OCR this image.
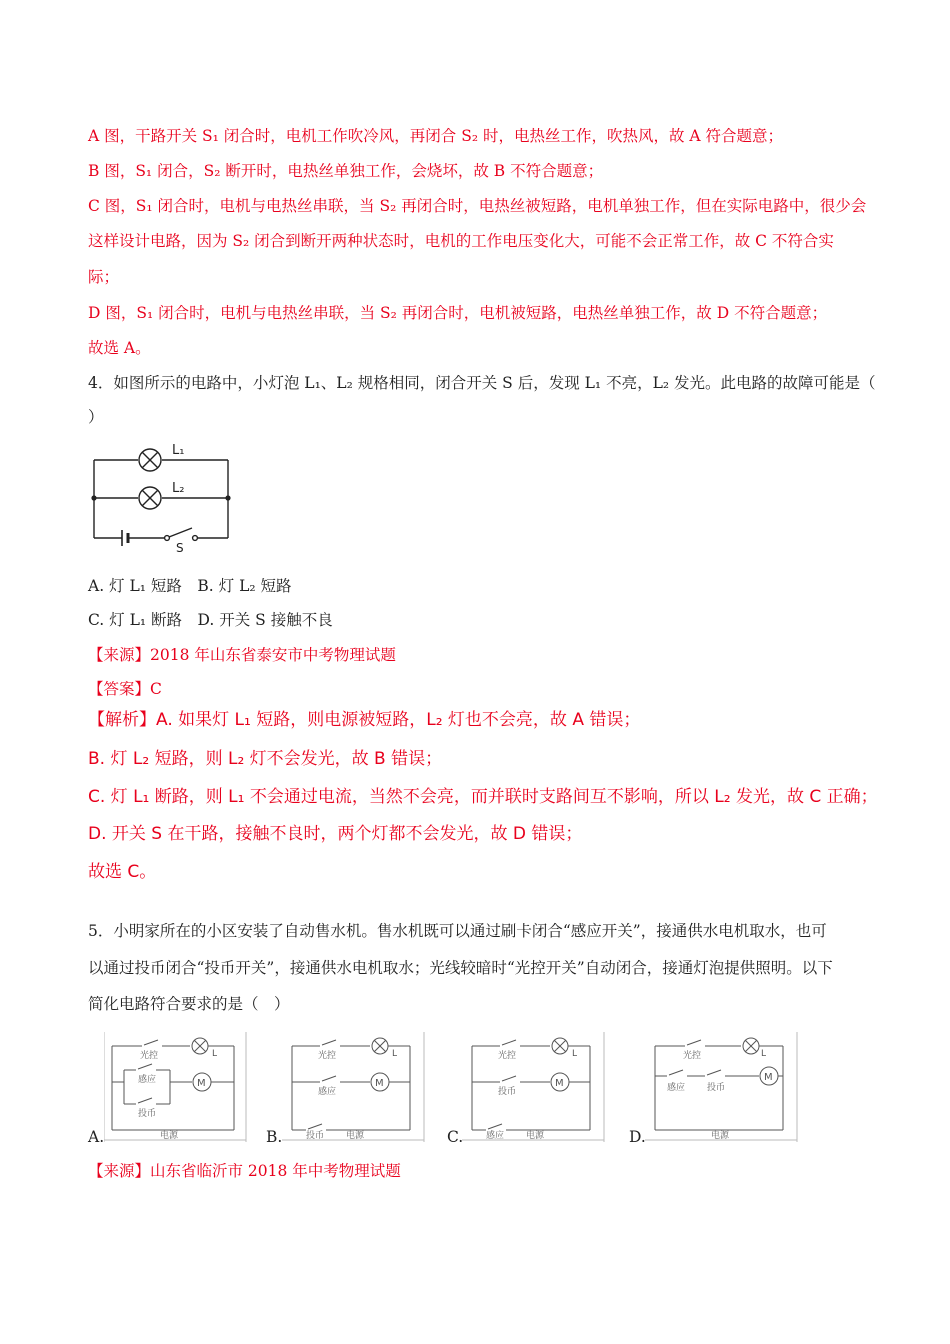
A 图，干路开关 S₁ 闭合时，电机工作吹冷风，再闭合 S₂ 时，电热丝工作，吹热风，故 A 符合题意；
B 图，S₁ 闭合，S₂ 断开时，电热丝单独工作，会烧坏，故 B 不符合题意；
C 图，S₁ 闭合时，电机与电热丝串联，当 S₂ 再闭合时，电热丝被短路，电机单独工作，但在实际电路中，很少会
这样设计电路，因为 S₂ 闭合到断开两种状态时，电机的工作电压变化大，可能不会正常工作，故 C 不符合实
际；
D 图，S₁ 闭合时，电机与电热丝串联，当 S₂ 再闭合时，电机被短路，电热丝单独工作，故 D 不符合题意；
故选 A。
4．如图所示的电路中，小灯泡 L₁、L₂ 规格相同，闭合开关 S 后，发现 L₁ 不亮，L₂ 发光。此电路的故障可能是（
）
L₁
L₂
S
A. 灯 L₁ 短路　B. 灯 L₂ 短路
C. 灯 L₁ 断路　D. 开关 S 接触不良
【来源】2018 年山东省泰安市中考物理试题
【答案】C
【解析】A. 如果灯 L₁ 短路，则电源被短路，L₂ 灯也不会亮，故 A 错误；
B. 灯 L₂ 短路，则 L₂ 灯不会发光，故 B 错误；
C. 灯 L₁ 断路，则 L₁ 不会通过电流，当然不会亮，而并联时支路间互不影响，所以 L₂ 发光，故 C 正确；
D. 开关 S 在干路，接触不良时，两个灯都不会发光，故 D 错误；
故选 C。
5．小明家所在的小区安装了自动售水机。售水机既可以通过刷卡闭合“感应开关”，接通供水电机取水，也可
以通过投币闭合“投币开关”，接通供水电机取水；光线较暗时“光控开关”自动闭合，接通灯泡提供照明。以下
简化电路符合要求的是（　）
A.
光控
感应
投币
M
L
电源	B.
光控
感应
M
L
投币 电源	C.
光控
投币
M
L
感应 电源	D.
光控
感应 投币
M
L
电源
【来源】山东省临沂市 2018 年中考物理试题
